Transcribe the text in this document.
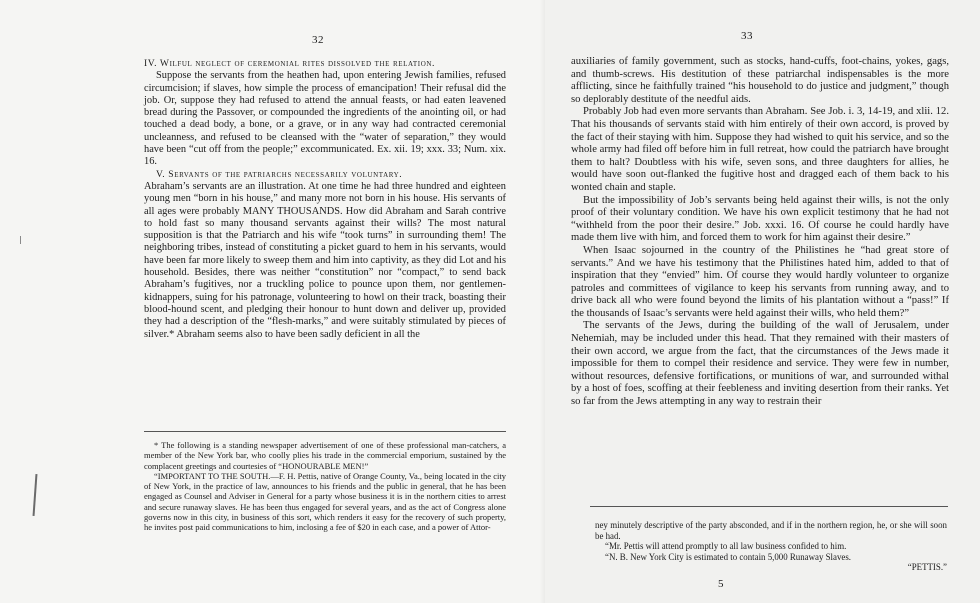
32

IV. Wilful neglect of ceremonial rites dissolved the relation.

Suppose the servants from the heathen had, upon entering Jewish families, refused circumcision; if slaves, how simple the process of emancipation! Their refusal did the job. Or, suppose they had refused to attend the annual feasts, or had eaten leavened bread during the Passover, or compounded the ingredients of the anointing oil, or had touched a dead body, a bone, or a grave, or in any way had contracted ceremonial uncleanness, and refused to be cleansed with the “water of separation,” they would have been “cut off from the people;” excommunicated. Ex. xii. 19; xxx. 33; Num. xix. 16.

V. Servants of the patriarchs necessarily voluntary.

Abraham’s servants are an illustration. At one time he had three hundred and eighteen young men “born in his house,” and many more not born in his house. His servants of all ages were probably MANY THOUSANDS. How did Abraham and Sarah contrive to hold fast so many thousand servants against their wills? The most natural supposition is that the Patriarch and his wife “took turns” in surrounding them! The neighboring tribes, instead of constituting a picket guard to hem in his servants, would have been far more likely to sweep them and him into captivity, as they did Lot and his household. Besides, there was neither “constitution” nor “compact,” to send back Abraham’s fugitives, nor a truckling police to pounce upon them, nor gentlemen-kidnappers, suing for his patronage, volunteering to howl on their track, boasting their blood-hound scent, and pledging their honour to hunt down and deliver up, provided they had a description of the “flesh-marks,” and were suitably stimulated by pieces of silver.* Abraham seems also to have been sadly deficient in all the

* The following is a standing newspaper advertisement of one of these professional man-catchers, a member of the New York bar, who coolly plies his trade in the commercial emporium, sustained by the complacent greetings and courtesies of “HONOURABLE MEN!”

“IMPORTANT TO THE SOUTH.—F. H. Pettis, native of Orange County, Va., being located in the city of New York, in the practice of law, announces to his friends and the public in general, that he has been engaged as Counsel and Adviser in General for a party whose business it is in the northern cities to arrest and secure runaway slaves. He has been thus engaged for several years, and as the act of Congress alone governs now in this city, in business of this sort, which renders it easy for the recovery of such property, he invites post paid communications to him, inclosing a fee of $20 in each case, and a power of Attor-

33

auxiliaries of family government, such as stocks, hand-cuffs, foot-chains, yokes, gags, and thumb-screws. His destitution of these patriarchal indispensables is the more afflicting, since he faithfully trained “his household to do justice and judgment,” though so deplorably destitute of the needful aids.

Probably Job had even more servants than Abraham. See Job. i. 3, 14-19, and xlii. 12. That his thousands of servants staid with him entirely of their own accord, is proved by the fact of their staying with him. Suppose they had wished to quit his service, and so the whole army had filed off before him in full retreat, how could the patriarch have brought them to halt? Doubtless with his wife, seven sons, and three daughters for allies, he would have soon out-flanked the fugitive host and dragged each of them back to his wonted chain and staple.

But the impossibility of Job’s servants being held against their wills, is not the only proof of their voluntary condition. We have his own explicit testimony that he had not “withheld from the poor their desire.” Job. xxxi. 16. Of course he could hardly have made them live with him, and forced them to work for him against their desire.”

When Isaac sojourned in the country of the Philistines he “had great store of servants.” And we have his testimony that the Philistines hated him, added to that of inspiration that they “envied” him. Of course they would hardly volunteer to organize patroles and committees of vigilance to keep his servants from running away, and to drive back all who were found beyond the limits of his plantation without a “pass!” If the thousands of Isaac’s servants were held against their wills, who held them?”

The servants of the Jews, during the building of the wall of Jerusalem, under Nehemiah, may be included under this head. That they remained with their masters of their own accord, we argue from the fact, that the circumstances of the Jews made it impossible for them to compel their residence and service. They were few in number, without resources, defensive fortifications, or munitions of war, and surrounded withal by a host of foes, scoffing at their feebleness and inviting desertion from their ranks. Yet so far from the Jews attempting in any way to restrain their

ney minutely descriptive of the party absconded, and if in the northern region, he, or she will soon be had.

“Mr. Pettis will attend promptly to all law business confided to him.

“N. B. New York City is estimated to contain 5,000 Runaway Slaves.

“PETTIS.”
5
